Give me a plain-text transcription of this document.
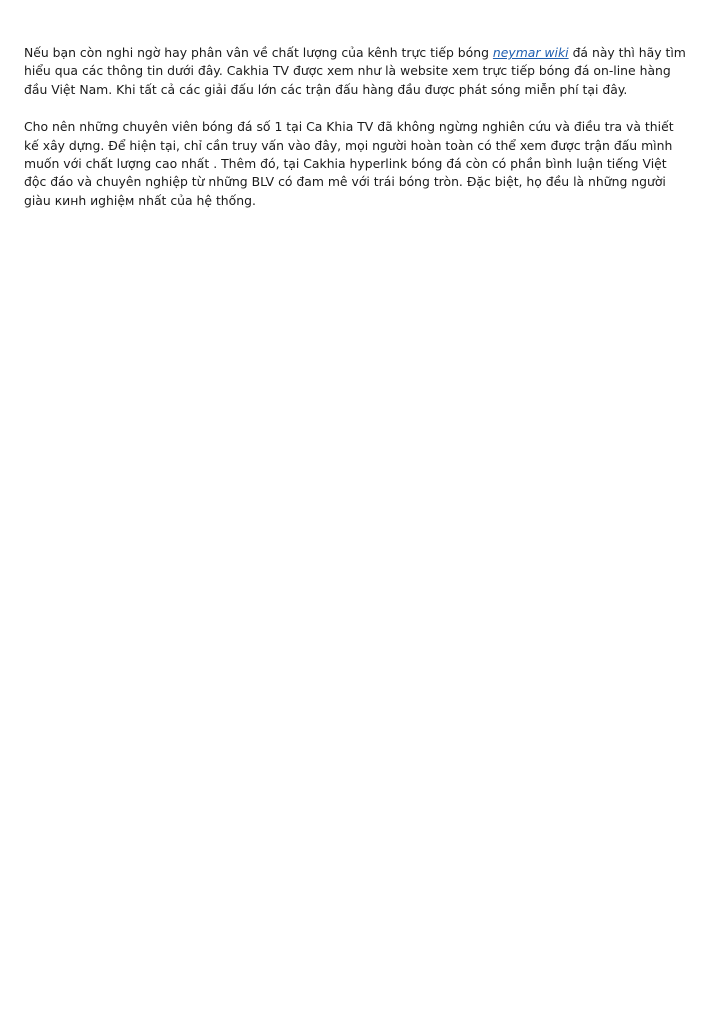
Nếu bạn còn nghi ngờ hay phân vân về chất lượng của kênh trực tiếp bóng neymar wiki đá này thì hãy tìm hiểu qua các thông tin dưới đây. Cakhia TV được xem như là website xem trực tiếp bóng đá on-line hàng đầu Việt Nam. Khi tất cả các giải đấu lớn các trận đấu hàng đầu được phát sóng miễn phí tại đây.

Cho nên những chuyên viên bóng đá số 1 tại Ca Khia TV đã không ngừng nghiên cứu và điều tra và thiết kế xây dựng. Để hiện tại, chỉ cần truy vấn vào đây, mọi người hoàn toàn có thể xem được trận đấu mình muốn với chất lượng cao nhất . Thêm đó, tại Cakhia hyperlink bóng đá còn có phần bình luận tiếng Việt độc đáo và chuyên nghiệp từ những BLV có đam mê với trái bóng tròn. Đặc biệt, họ đều là những người giàu кинh иghiệм nhất của hệ thống.
